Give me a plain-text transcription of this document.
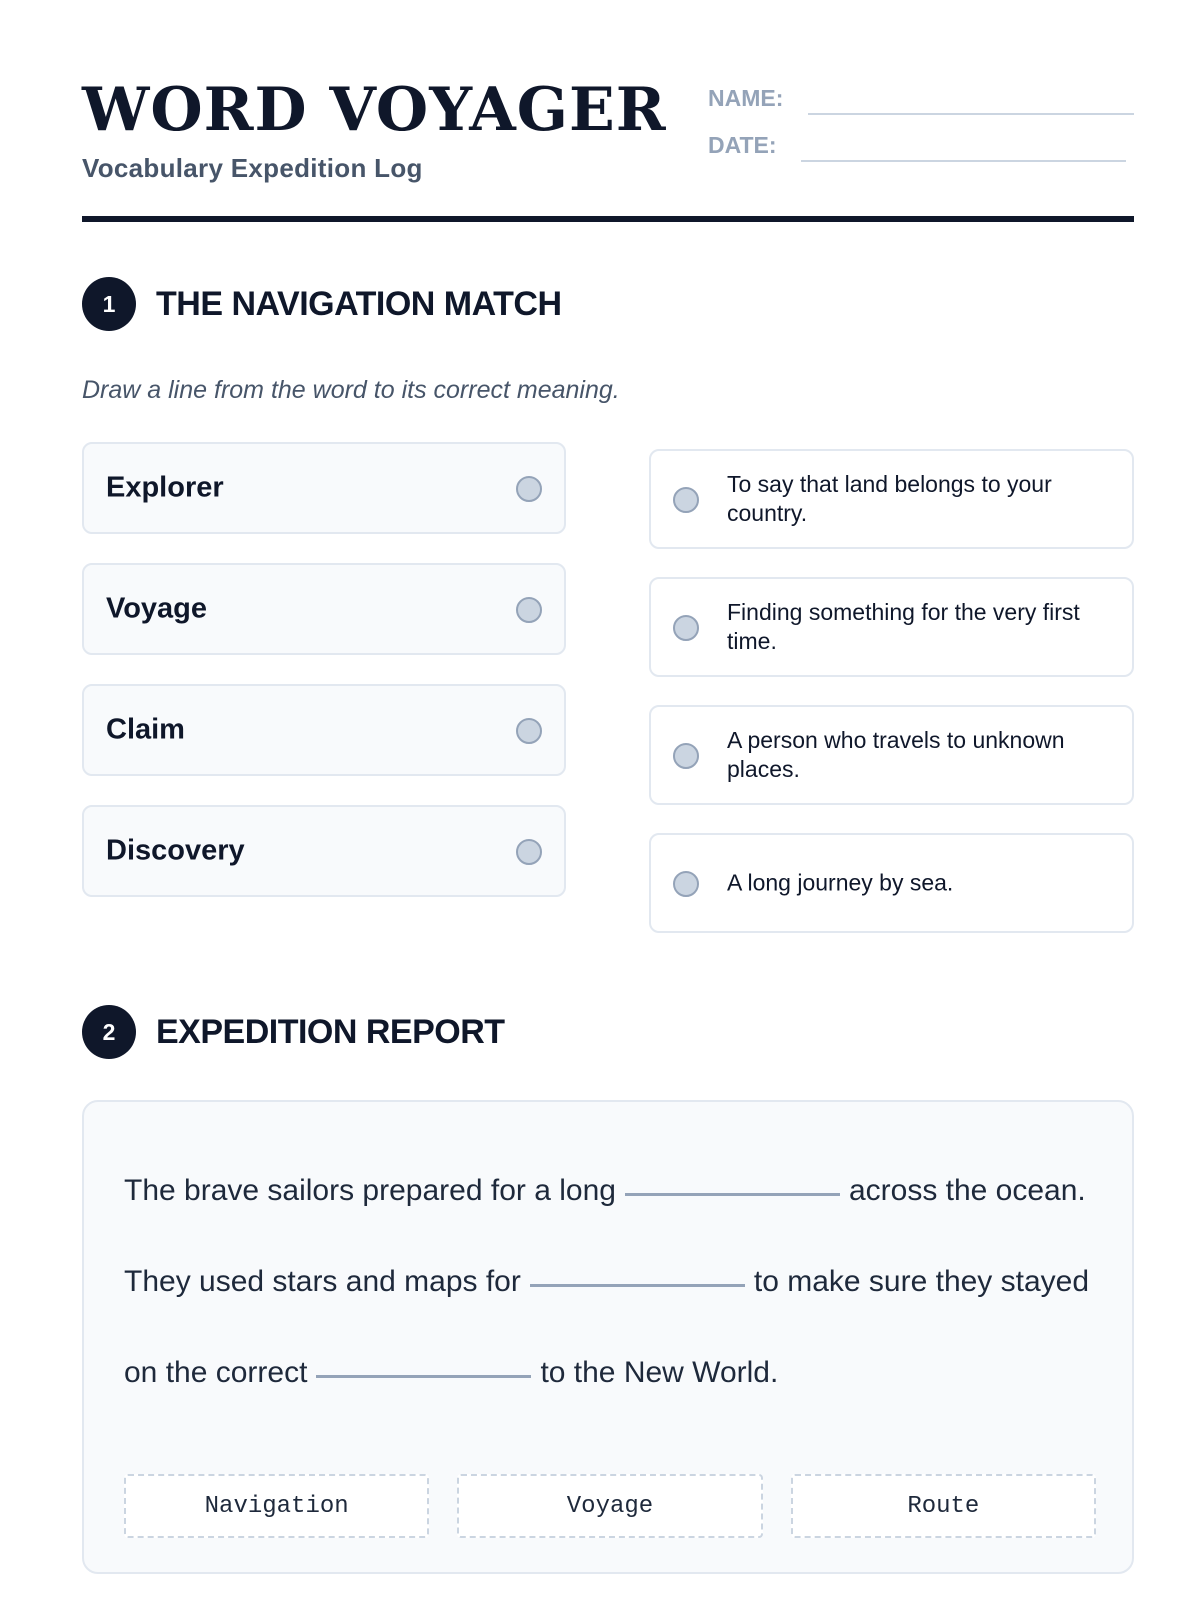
WORD VOYAGER
Vocabulary Expedition Log
NAME:
DATE:
1	THE NAVIGATION MATCH
Draw a line from the word to its correct meaning.
Explorer
Voyage
Claim
Discovery
To say that land belongs to your country.
Finding something for the very first time.
A person who travels to unknown places.
A long journey by sea.
2	EXPEDITION REPORT
The brave sailors prepared for a long	across the ocean.
They used stars and maps for	to make sure they stayed
on the correct	to the New World.
Navigation	Voyage	Route
